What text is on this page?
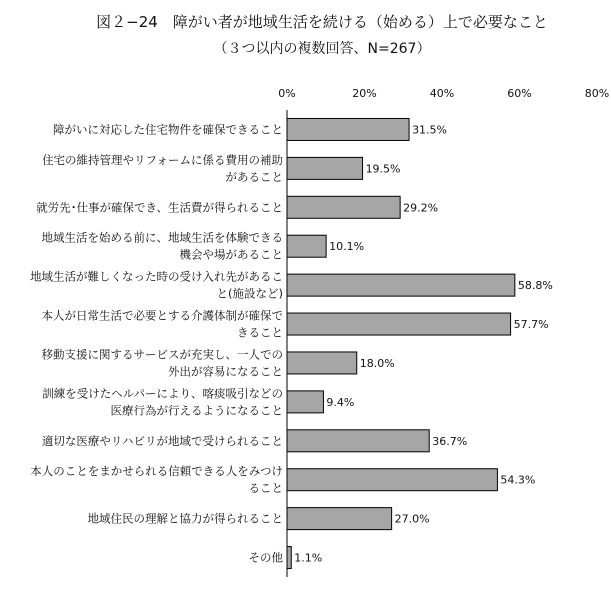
図２−24　障がい者が地域生活を続ける（始める）上で必要なこと
（３つ以内の複数回答、N=267）
0%	20%	40%	60%	80%
障がいに対応した住宅物件を確保できること
住宅の維持管理やリフォームに係る費用の補助
があること
就労先･仕事が確保でき、生活費が得られること
地域生活を始める前に、地域生活を体験できる
機会や場があること
地域生活が難しくなった時の受け入れ先があるこ
と(施設など)
本人が日常生活で必要とする介護体制が確保で
きること
移動支援に関するサービスが充実し、一人での
外出が容易になること
訓練を受けたヘルパーにより、喀痰吸引などの
医療行為が行えるようになること
適切な医療やリハビリが地域で受けられること
本人のことをまかせられる信頼できる人をみつけ
ること
地域住民の理解と協力が得られること
その他
31.5%
19.5%
29.2%
10.1%
58.8%
57.7%
18.0%
9.4%
36.7%
54.3%
27.0%
1.1%
